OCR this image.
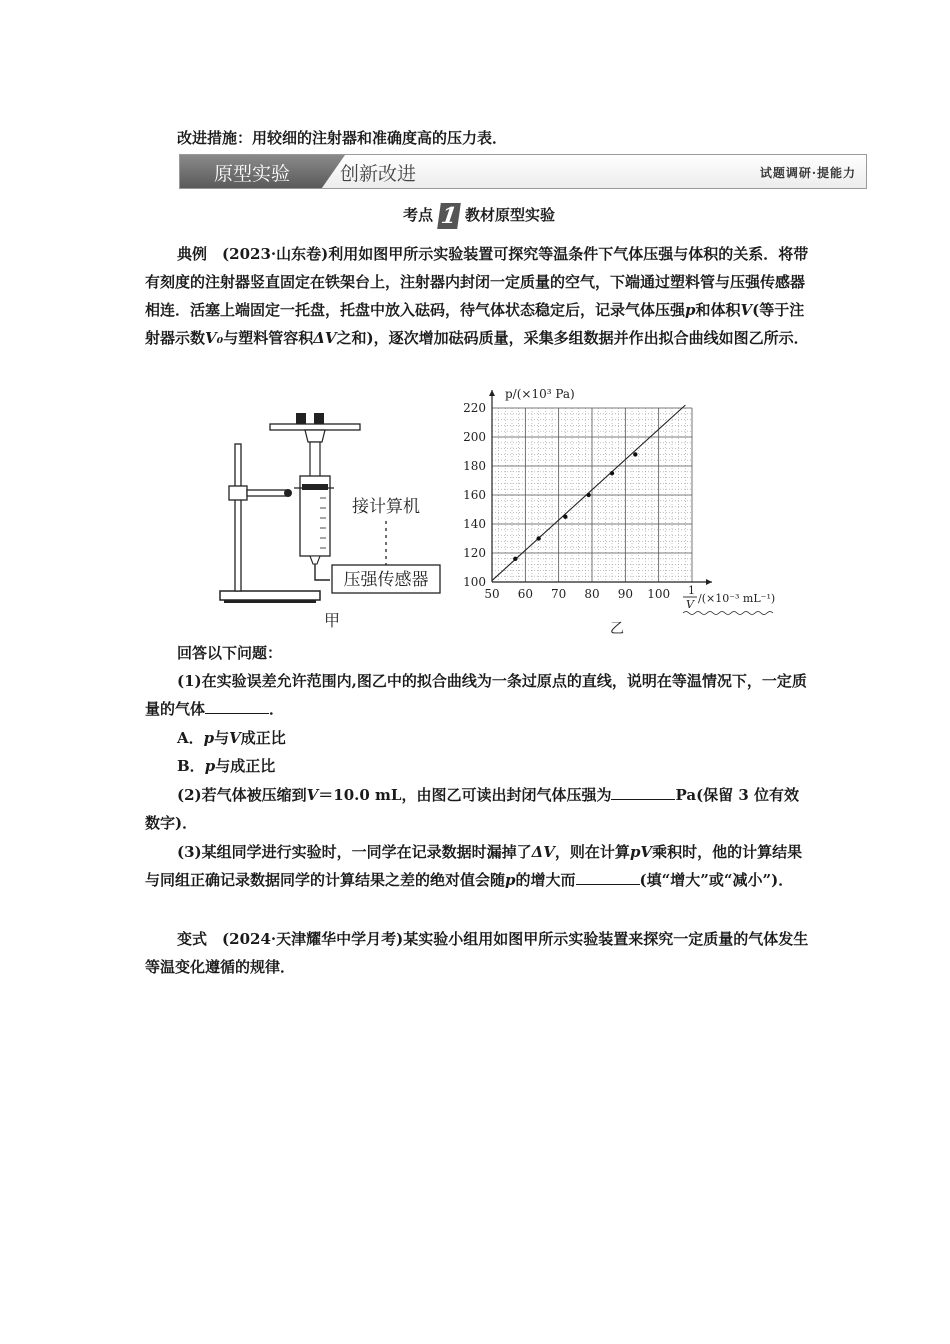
改进措施：用较细的注射器和准确度高的压力表．

原型实验	创新改进	试题调研·提能力
考点 1 教材原型实验

典例　 (2023·山东卷)利用如图甲所示实验装置可探究等温条件下气体压强与体积的关系．将带有刻度的注射器竖直固定在铁架台上，注射器内封闭一定质量的空气，下端通过塑料管与压强传感器相连．活塞上端固定一托盘，托盘中放入砝码，待气体状态稳定后，记录气体压强p和体积V(等于注射器示数V₀与塑料管容积ΔV之和)，逐次增加砝码质量，采集多组数据并作出拟合曲线如图乙所示．

压强传感器
接计算机
甲
50 60 70 80 90 100
100
120
140
160
180
200
220
p/(×10³ Pa)
1
V /(×10⁻³ mL⁻¹)
乙

回答以下问题：

(1)在实验误差允许范围内,图乙中的拟合曲线为一条过原点的直线，说明在等温情况下，一定质量的气体	．

A．p与V成正比

B．p与成正比

(2)若气体被压缩到V＝10.0 mL，由图乙可读出封闭气体压强为	Pa(保留 3 位有效数字)．

(3)某组同学进行实验时，一同学在记录数据时漏掉了ΔV，则在计算pV乘积时，他的计算结果与同组正确记录数据同学的计算结果之差的绝对值会随p的增大而	(填“增大”或“减小”)．

变式　 (2024·天津耀华中学月考)某实验小组用如图甲所示实验装置来探究一定质量的气体发生等温变化遵循的规律．
